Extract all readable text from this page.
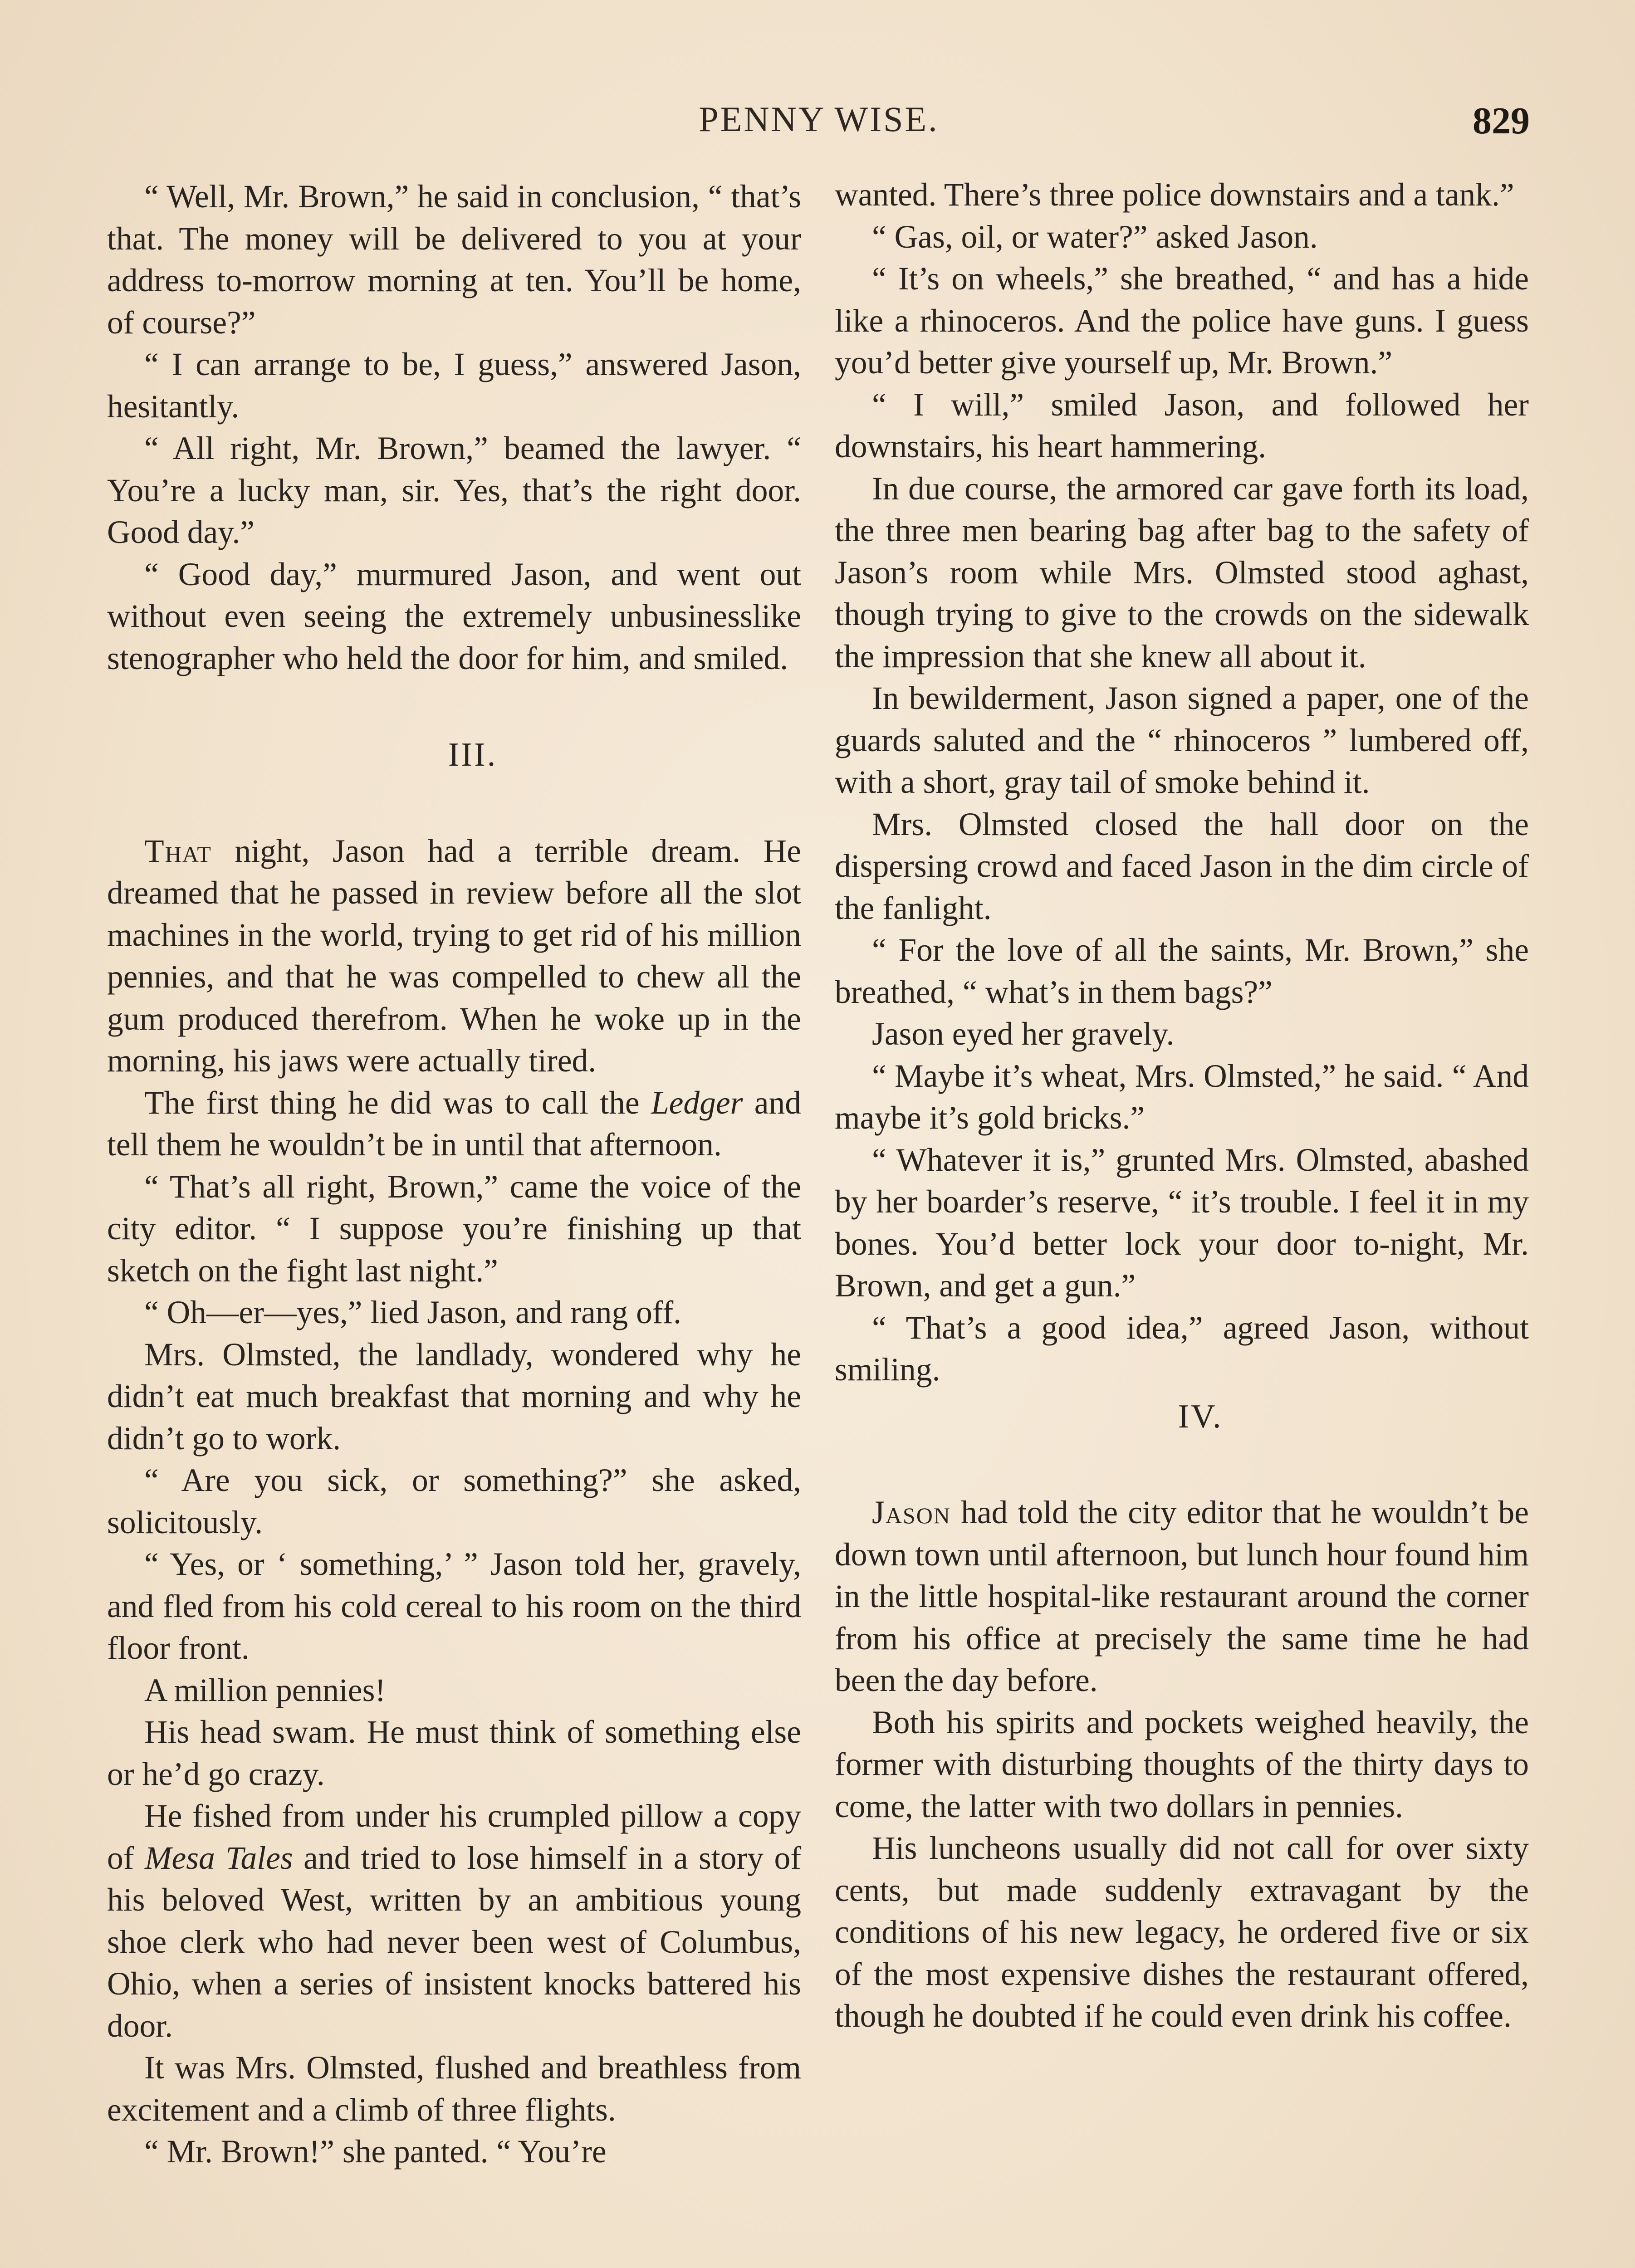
PENNY WISE.	829

“ Well, Mr. Brown,” he said in conclusion, “ that’s that. The money will be delivered to you at your address to-morrow morning at ten. You’ll be home, of course?”

“ I can arrange to be, I guess,” answered Jason, hesitantly.

“ All right, Mr. Brown,” beamed the lawyer. “ You’re a lucky man, sir. Yes, that’s the right door. Good day.”

“ Good day,” murmured Jason, and went out without even seeing the extremely unbusinesslike stenographer who held the door for him, and smiled.

III.

That night, Jason had a terrible dream. He dreamed that he passed in review before all the slot machines in the world, trying to get rid of his million pennies, and that he was compelled to chew all the gum produced therefrom. When he woke up in the morning, his jaws were actually tired.

The first thing he did was to call the Ledger and tell them he wouldn’t be in until that afternoon.

“ That’s all right, Brown,” came the voice of the city editor. “ I suppose you’re finishing up that sketch on the fight last night.”

“ Oh—er—yes,” lied Jason, and rang off.

Mrs. Olmsted, the landlady, wondered why he didn’t eat much breakfast that morning and why he didn’t go to work.

“ Are you sick, or something?” she asked, solicitously.

“ Yes, or ‘ something,’ ” Jason told her, gravely, and fled from his cold cereal to his room on the third floor front.

A million pennies!

His head swam. He must think of something else or he’d go crazy.

He fished from under his crumpled pillow a copy of Mesa Tales and tried to lose himself in a story of his beloved West, written by an ambitious young shoe clerk who had never been west of Columbus, Ohio, when a series of insistent knocks battered his door.

It was Mrs. Olmsted, flushed and breathless from excitement and a climb of three flights.

“ Mr. Brown!” she panted. “ You’re

wanted. There’s three police downstairs and a tank.”

“ Gas, oil, or water?” asked Jason.

“ It’s on wheels,” she breathed, “ and has a hide like a rhinoceros. And the police have guns. I guess you’d better give yourself up, Mr. Brown.”

“ I will,” smiled Jason, and followed her downstairs, his heart hammering.

In due course, the armored car gave forth its load, the three men bearing bag after bag to the safety of Jason’s room while Mrs. Olmsted stood aghast, though trying to give to the crowds on the sidewalk the impression that she knew all about it.

In bewilderment, Jason signed a paper, one of the guards saluted and the “ rhinoceros ” lumbered off, with a short, gray tail of smoke behind it.

Mrs. Olmsted closed the hall door on the dispersing crowd and faced Jason in the dim circle of the fanlight.

“ For the love of all the saints, Mr. Brown,” she breathed, “ what’s in them bags?”

Jason eyed her gravely.

“ Maybe it’s wheat, Mrs. Olmsted,” he said. “ And maybe it’s gold bricks.”

“ Whatever it is,” grunted Mrs. Olmsted, abashed by her boarder’s reserve, “ it’s trouble. I feel it in my bones. You’d better lock your door to-night, Mr. Brown, and get a gun.”

“ That’s a good idea,” agreed Jason, without smiling.

IV.

Jason had told the city editor that he wouldn’t be down town until afternoon, but lunch hour found him in the little hospital-like restaurant around the corner from his office at precisely the same time he had been the day before.

Both his spirits and pockets weighed heavily, the former with disturbing thoughts of the thirty days to come, the latter with two dollars in pennies.

His luncheons usually did not call for over sixty cents, but made suddenly extravagant by the conditions of his new legacy, he ordered five or six of the most expensive dishes the restaurant offered, though he doubted if he could even drink his coffee.
